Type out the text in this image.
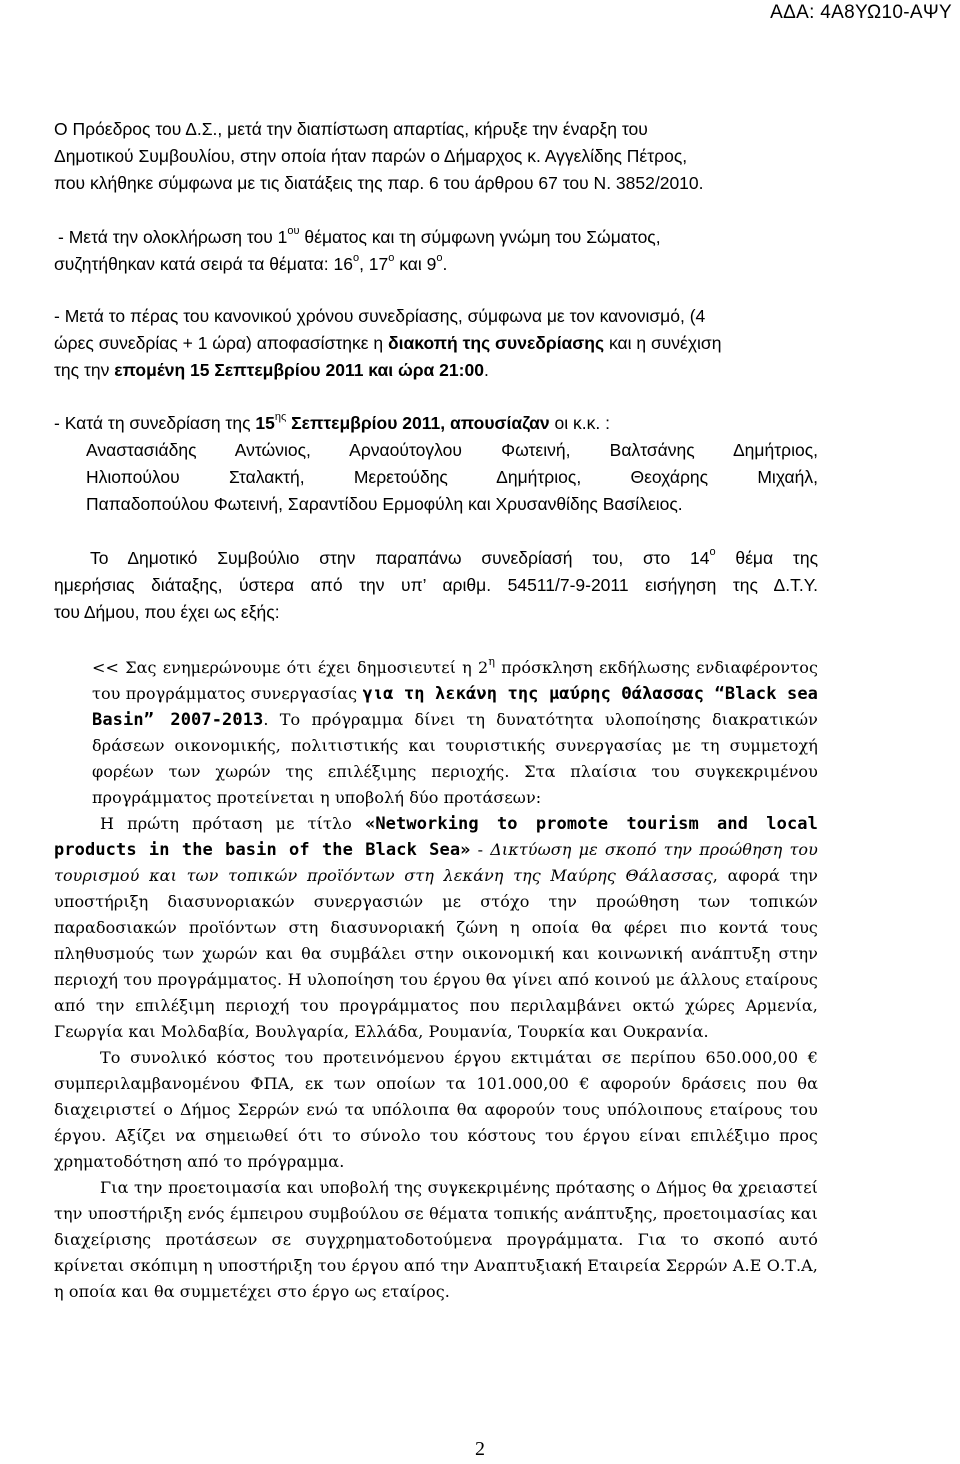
ΑΔΑ: 4Α8ΥΩ10-ΑΨΥ
Ο Πρόεδρος του Δ.Σ., μετά την διαπίστωση απαρτίας, κήρυξε την έναρξη του
Δημοτικού Συμβουλίου, στην οποία ήταν παρών ο Δήμαρχος κ. Αγγελίδης Πέτρος,
που κλήθηκε σύμφωνα με τις διατάξεις της παρ. 6 του άρθρου 67 του Ν. 3852/2010.
- Μετά την ολοκλήρωση του $1^{o\upsilon}$ θέματος και τη σύμφωνη γνώμη του Σώματος,
συζητήθηκαν κατά σειρά τα θέματα: $16^o$, $17^o$ και $9^o$.
- Μετά το πέρας του κανονικού χρόνου συνεδρίασης, σύμφωνα με τον κανονισμό, (4
ώρες συνεδρίας + 1 ώρα) αποφασίστηκε η διακοπή της συνεδρίασης και η συνέχιση
της την επομένη 15 Σεπτεμβρίου 2011 και ώρα 21:00.
- Κατά τη συνεδρίαση της $15^{\eta\varsigma}$ Σεπτεμβρίου 2011, απουσίαζαν οι κ.κ. :
Αναστασιάδης Αντώνιος, Αρναούτογλου Φωτεινή, Βαλτσάνης Δημήτριος,
Ηλιοπούλου Σταλακτή, Μερετούδης Δημήτριος, Θεοχάρης Μιχαήλ,
Παπαδοπούλου Φωτεινή, Σαραντίδου Ερμοφύλη και Χρυσανθίδης Βασίλειος.
Το Δημοτικό Συμβούλιο στην παραπάνω συνεδρίασή του, στο $14^o$ θέμα της
ημερήσιας διάταξης, ύστερα από την υπ’ αριθμ. 54511/7-9-2011 εισήγηση της Δ.Τ.Υ.
του Δήμου, που έχει ως εξής:

<< Σας ενημερώνουμε ότι έχει δημοσιευτεί η $2^\eta$ πρόσκληση εκδήλωσης ενδιαφέροντος του προγράμματος συνεργασίας για τη λεκάνη της μαύρης Θάλασσας “Black sea Basin” 2007-2013. Το πρόγραμμα δίνει τη δυνατότητα υλοποίησης διακρατικών δράσεων οικονομικής, πολιτιστικής και τουριστικής συνεργασίας με τη συμμετοχή φορέων των χωρών της επιλέξιμης περιοχής. Στα πλαίσια του συγκεκριμένου προγράμματος προτείνεται η υποβολή δύο προτάσεων:

Η πρώτη πρόταση με τίτλο «Networking to promote tourism and local products in the basin of the Black Sea» - Δικτύωση με σκοπό την προώθηση του τουρισμού και των τοπικών προϊόντων στη λεκάνη της Μαύρης Θάλασσας, αφορά την υποστήριξη διασυνοριακών συνεργασιών με στόχο την προώθηση των τοπικών παραδοσιακών προϊόντων στη διασυνοριακή ζώνη η οποία θα φέρει πιο κοντά τους πληθυσμούς των χωρών και θα συμβάλει στην οικονομική και κοινωνική ανάπτυξη στην περιοχή του προγράμματος. Η υλοποίηση του έργου θα γίνει από κοινού με άλλους εταίρους από την επιλέξιμη περιοχή του προγράμματος που περιλαμβάνει οκτώ χώρες Αρμενία, Γεωργία και Μολδαβία, Βουλγαρία, Ελλάδα, Ρουμανία, Τουρκία και Ουκρανία.

Το συνολικό κόστος του προτεινόμενου έργου εκτιμάται σε περίπου 650.000,00 € συμπεριλαμβανομένου ΦΠΑ, εκ των οποίων τα 101.000,00 € αφορούν δράσεις που θα διαχειριστεί ο Δήμος Σερρών ενώ τα υπόλοιπα θα αφορούν τους υπόλοιπους εταίρους του έργου. Αξίζει να σημειωθεί ότι το σύνολο του κόστους του έργου είναι επιλέξιμο προς χρηματοδότηση από το πρόγραμμα.

Για την προετοιμασία και υποβολή της συγκεκριμένης πρότασης ο Δήμος θα χρειαστεί την υποστήριξη ενός έμπειρου συμβούλου σε θέματα τοπικής ανάπτυξης, προετοιμασίας και διαχείρισης προτάσεων σε συγχρηματοδοτούμενα προγράμματα. Για το σκοπό αυτό κρίνεται σκόπιμη η υποστήριξη του έργου από την Αναπτυξιακή Εταιρεία Σερρών Α.Ε Ο.Τ.Α, η οποία και θα συμμετέχει στο έργο ως εταίρος.

2
